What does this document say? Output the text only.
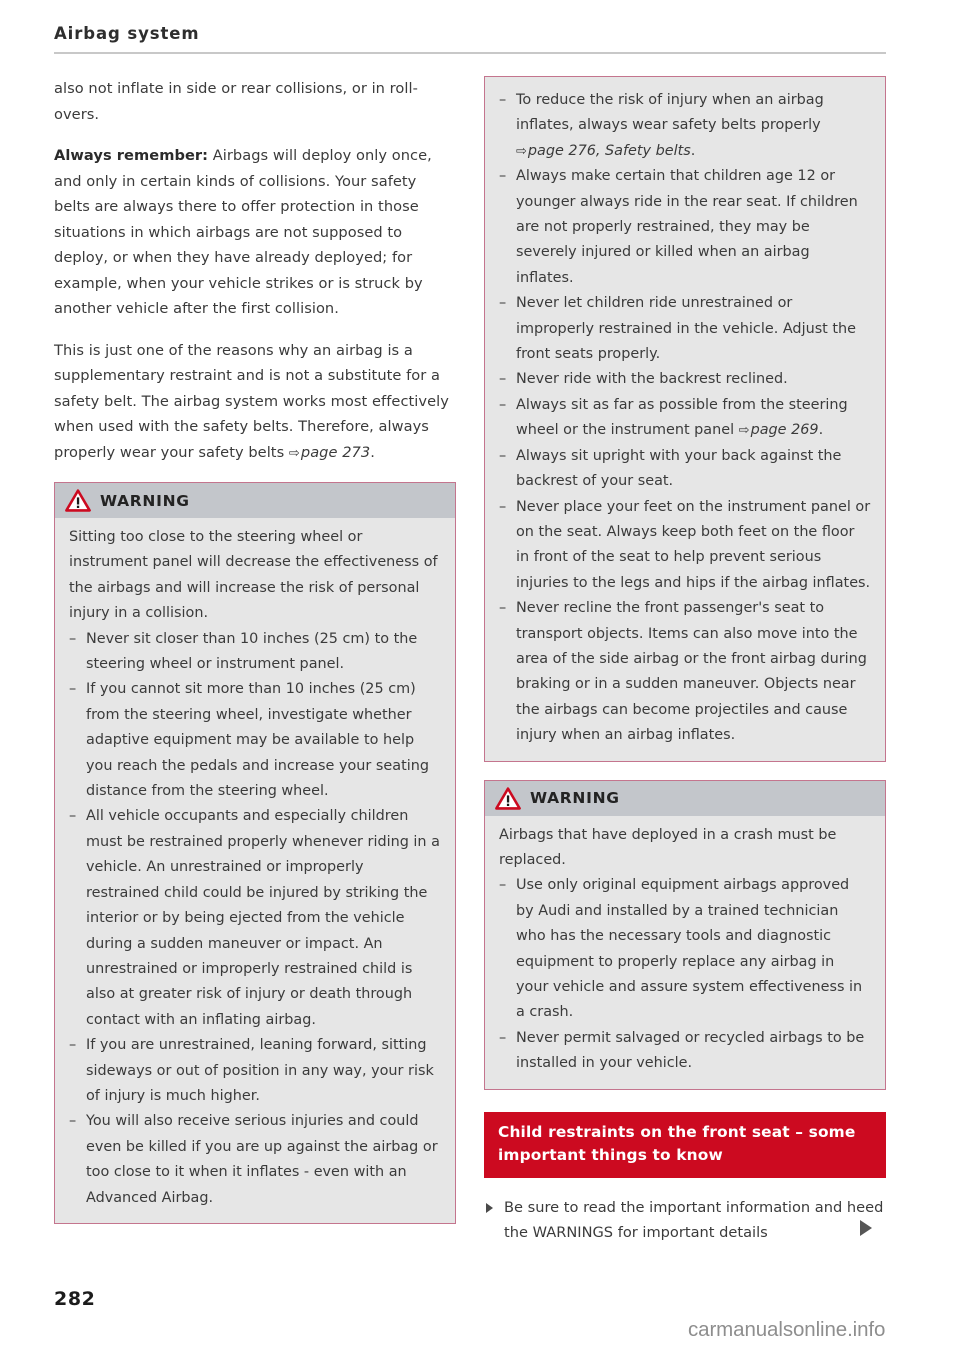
Airbag system

also not inflate in side or rear collisions, or in roll-overs.

Always remember: Airbags will deploy only once, and only in certain kinds of collisions. Your safety belts are always there to offer protection in those situations in which airbags are not supposed to deploy, or when they have already deployed; for example, when your vehicle strikes or is struck by another vehicle after the first collision.

This is just one of the reasons why an airbag is a supplementary restraint and is not a substitute for a safety belt. The airbag system works most effectively when used with the safety belts. Therefore, always properly wear your safety belts ⇨page 273.

WARNING

Sitting too close to the steering wheel or instrument panel will decrease the effectiveness of the airbags and will increase the risk of personal injury in a collision.

– Never sit closer than 10 inches (25 cm) to the steering wheel or instrument panel.
– If you cannot sit more than 10 inches (25 cm) from the steering wheel, investigate whether adaptive equipment may be available to help you reach the pedals and increase your seating distance from the steering wheel.
– All vehicle occupants and especially children must be restrained properly whenever riding in a vehicle. An unrestrained or improperly restrained child could be injured by striking the interior or by being ejected from the vehicle during a sudden maneuver or impact. An unrestrained or improperly restrained child is also at greater risk of injury or death through contact with an inflating airbag.
– If you are unrestrained, leaning forward, sitting sideways or out of position in any way, your risk of injury is much higher.
– You will also receive serious injuries and could even be killed if you are up against the airbag or too close to it when it inflates - even with an Advanced Airbag.
– To reduce the risk of injury when an airbag inflates, always wear safety belts properly ⇨page 276, Safety belts.
– Always make certain that children age 12 or younger always ride in the rear seat. If children are not properly restrained, they may be severely injured or killed when an airbag inflates.
– Never let children ride unrestrained or improperly restrained in the vehicle. Adjust the front seats properly.
– Never ride with the backrest reclined.
– Always sit as far as possible from the steering wheel or the instrument panel ⇨page 269.
– Always sit upright with your back against the backrest of your seat.
– Never place your feet on the instrument panel or on the seat. Always keep both feet on the floor in front of the seat to help prevent serious injuries to the legs and hips if the airbag inflates.
– Never recline the front passenger's seat to transport objects. Items can also move into the area of the side airbag or the front airbag during braking or in a sudden maneuver. Objects near the airbags can become projectiles and cause injury when an airbag inflates.
WARNING

Airbags that have deployed in a crash must be replaced.

– Use only original equipment airbags approved by Audi and installed by a trained technician who has the necessary tools and diagnostic equipment to properly replace any airbag in your vehicle and assure system effectiveness in a crash.
– Never permit salvaged or recycled airbags to be installed in your vehicle.
Child restraints on the front seat – some important things to know
Be sure to read the important information and heed the WARNINGS for important details
282
carmanualsonline.info
